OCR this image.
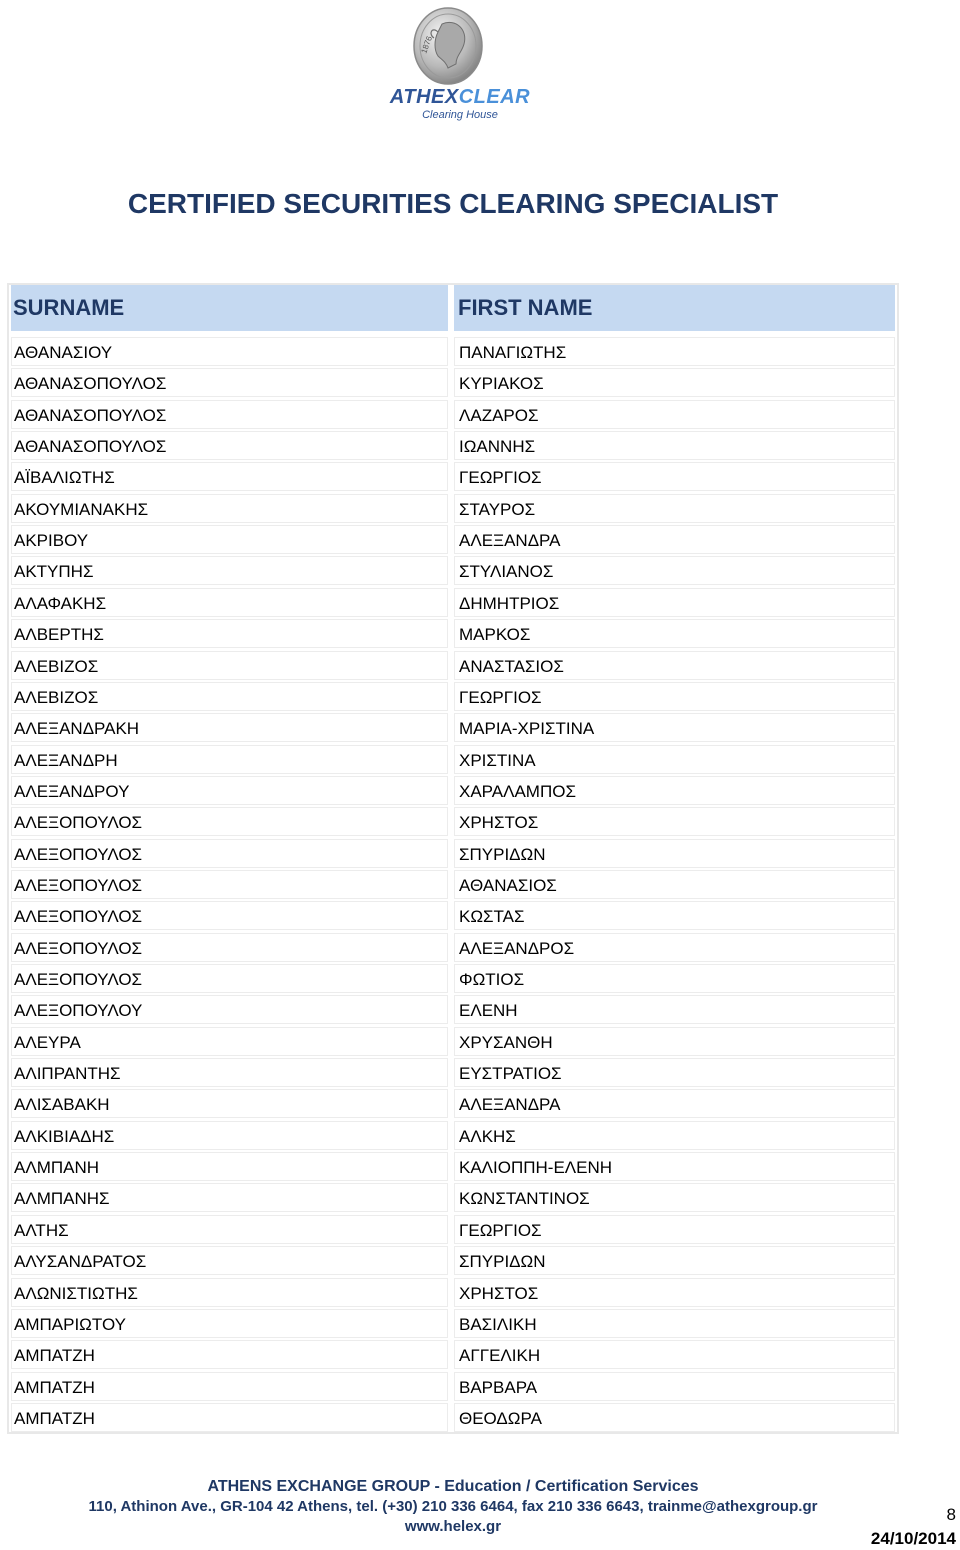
1876
ATHEXCLEAR
Clearing House
CERTIFIED SECURITIES CLEARING SPECIALIST
SURNAME	FIRST NAME
ΑΘΑΝΑΣΙΟΥ	ΠΑΝΑΓΙΩΤΗΣ
ΑΘΑΝΑΣΟΠΟΥΛΟΣ	ΚΥΡΙΑΚΟΣ
ΑΘΑΝΑΣΟΠΟΥΛΟΣ	ΛΑΖΑΡΟΣ
ΑΘΑΝΑΣΟΠΟΥΛΟΣ	ΙΩΑΝΝΗΣ
ΑΪΒΑΛΙΩΤΗΣ	ΓΕΩΡΓΙΟΣ
ΑΚΟΥΜΙΑΝΑΚΗΣ	ΣΤΑΥΡΟΣ
ΑΚΡΙΒΟΥ	ΑΛΕΞΑΝΔΡΑ
ΑΚΤΥΠΗΣ	ΣΤΥΛΙΑΝΟΣ
ΑΛΑΦΑΚΗΣ	ΔΗΜΗΤΡΙΟΣ
ΑΛΒΕΡΤΗΣ	ΜΑΡΚΟΣ
ΑΛΕΒΙΖΟΣ	ΑΝΑΣΤΑΣΙΟΣ
ΑΛΕΒΙΖΟΣ	ΓΕΩΡΓΙΟΣ
ΑΛΕΞΑΝΔΡΑΚΗ	ΜΑΡΙΑ-ΧΡΙΣΤΙΝΑ
ΑΛΕΞΑΝΔΡΗ	ΧΡΙΣΤΙΝΑ
ΑΛΕΞΑΝΔΡΟΥ	ΧΑΡΑΛΑΜΠΟΣ
ΑΛΕΞΟΠΟΥΛΟΣ	ΧΡΗΣΤΟΣ
ΑΛΕΞΟΠΟΥΛΟΣ	ΣΠΥΡΙΔΩΝ
ΑΛΕΞΟΠΟΥΛΟΣ	ΑΘΑΝΑΣΙΟΣ
ΑΛΕΞΟΠΟΥΛΟΣ	ΚΩΣΤΑΣ
ΑΛΕΞΟΠΟΥΛΟΣ	ΑΛΕΞΑΝΔΡΟΣ
ΑΛΕΞΟΠΟΥΛΟΣ	ΦΩΤΙΟΣ
ΑΛΕΞΟΠΟΥΛΟΥ	ΕΛΕΝΗ
ΑΛΕΥΡΑ	ΧΡΥΣΑΝΘΗ
ΑΛΙΠΡΑΝΤΗΣ	ΕΥΣΤΡΑΤΙΟΣ
ΑΛΙΣΑΒΑΚΗ	ΑΛΕΞΑΝΔΡΑ
ΑΛΚΙΒΙΑΔΗΣ	ΑΛΚΗΣ
ΑΛΜΠΑΝΗ	ΚΑΛΙΟΠΠΗ-ΕΛΕΝΗ
ΑΛΜΠΑΝΗΣ	ΚΩΝΣΤΑΝΤΙΝΟΣ
ΑΛΤΗΣ	ΓΕΩΡΓΙΟΣ
ΑΛΥΣΑΝΔΡΑΤΟΣ	ΣΠΥΡΙΔΩΝ
ΑΛΩΝΙΣΤΙΩΤΗΣ	ΧΡΗΣΤΟΣ
ΑΜΠΑΡΙΩΤΟΥ	ΒΑΣΙΛΙΚΗ
ΑΜΠΑΤΖΗ	ΑΓΓΕΛΙΚΗ
ΑΜΠΑΤΖΗ	ΒΑΡΒΑΡΑ
ΑΜΠΑΤΖΗ	ΘΕΟΔΩΡΑ
ATHENS EXCHANGE GROUP - Education / Certification Services
110, Athinon Ave., GR-104 42 Athens, tel. (+30) 210 336 6464, fax 210 336 6643, trainme@athexgroup.gr
www.helex.gr
8
24/10/2014
